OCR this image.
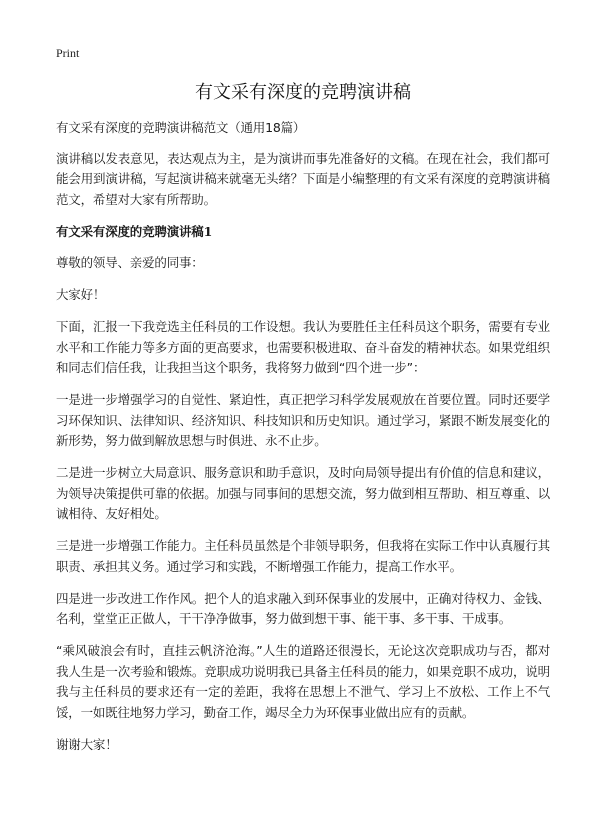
Print
有文采有深度的竞聘演讲稿

有文采有深度的竞聘演讲稿范文（通用18篇）

演讲稿以发表意见，表达观点为主，是为演讲而事先准备好的文稿。在现在社会，我们都可能会用到演讲稿，写起演讲稿来就毫无头绪？下面是小编整理的有文采有深度的竞聘演讲稿范文，希望对大家有所帮助。

有文采有深度的竞聘演讲稿1

尊敬的领导、亲爱的同事：

大家好！

下面，汇报一下我竞选主任科员的工作设想。我认为要胜任主任科员这个职务，需要有专业水平和工作能力等多方面的更高要求，也需要积极进取、奋斗奋发的精神状态。如果党组织和同志们信任我，让我担当这个职务，我将努力做到“四个进一步”：

一是进一步增强学习的自觉性、紧迫性，真正把学习科学发展观放在首要位置。同时还要学习环保知识、法律知识、经济知识、科技知识和历史知识。通过学习，紧跟不断发展变化的新形势，努力做到解放思想与时俱进、永不止步。

二是进一步树立大局意识、服务意识和助手意识，及时向局领导提出有价值的信息和建议，为领导决策提供可靠的依据。加强与同事间的思想交流，努力做到相互帮助、相互尊重、以诚相待、友好相处。

三是进一步增强工作能力。主任科员虽然是个非领导职务，但我将在实际工作中认真履行其职责、承担其义务。通过学习和实践，不断增强工作能力，提高工作水平。

四是进一步改进工作作风。把个人的追求融入到环保事业的发展中，正确对待权力、金钱、名利，堂堂正正做人，干干净净做事，努力做到想干事、能干事、多干事、干成事。

“乘风破浪会有时，直挂云帆济沧海。”人生的道路还很漫长，无论这次竞职成功与否，都对我人生是一次考验和锻炼。竞职成功说明我已具备主任科员的能力，如果竞职不成功，说明我与主任科员的要求还有一定的差距，我将在思想上不泄气、学习上不放松、工作上不气馁，一如既往地努力学习，勤奋工作，竭尽全力为环保事业做出应有的贡献。

谢谢大家！
